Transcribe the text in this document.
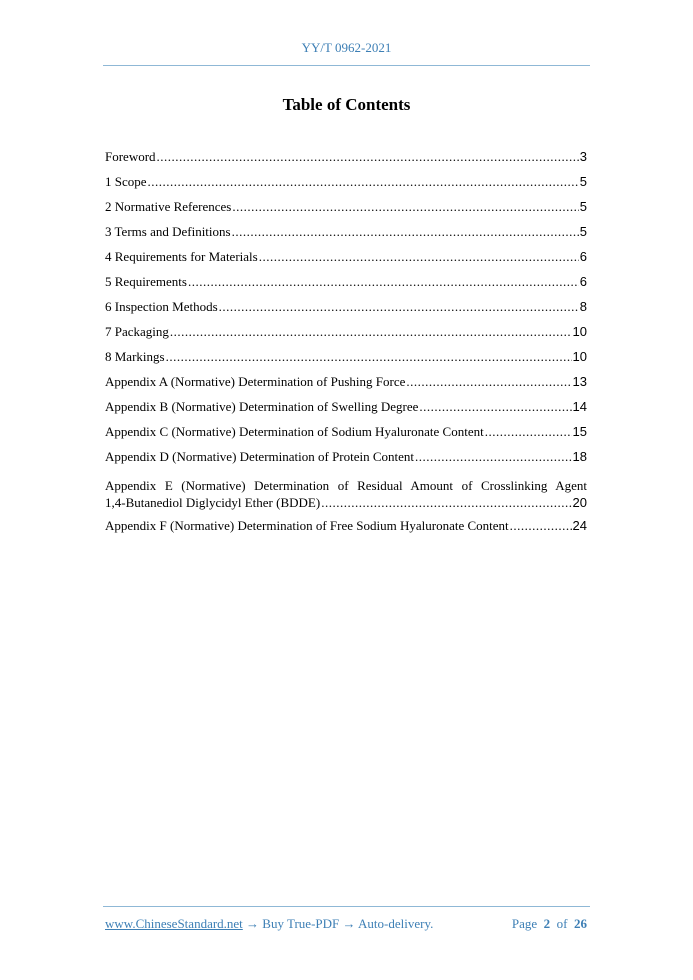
YY/T 0962-2021
Table of Contents
Foreword .....	3
1 Scope .....	5
2 Normative References .....	5
3 Terms and Definitions .....	5
4 Requirements for Materials .....	6
5 Requirements .....	6
6 Inspection Methods .....	8
7 Packaging .....	10
8 Markings .....	10
Appendix A (Normative) Determination of Pushing Force .....	13
Appendix B (Normative) Determination of Swelling Degree .....	14
Appendix C (Normative) Determination of Sodium Hyaluronate Content .....	15
Appendix D (Normative) Determination of Protein Content .....	18
Appendix E (Normative) Determination of Residual Amount of Crosslinking Agent
1,4-Butanediol Diglycidyl Ether (BDDE) .....	20
Appendix F (Normative) Determination of Free Sodium Hyaluronate Content .....	24
www.ChineseStandard.net → Buy True-PDF → Auto-delivery.	Page 2 of 26
